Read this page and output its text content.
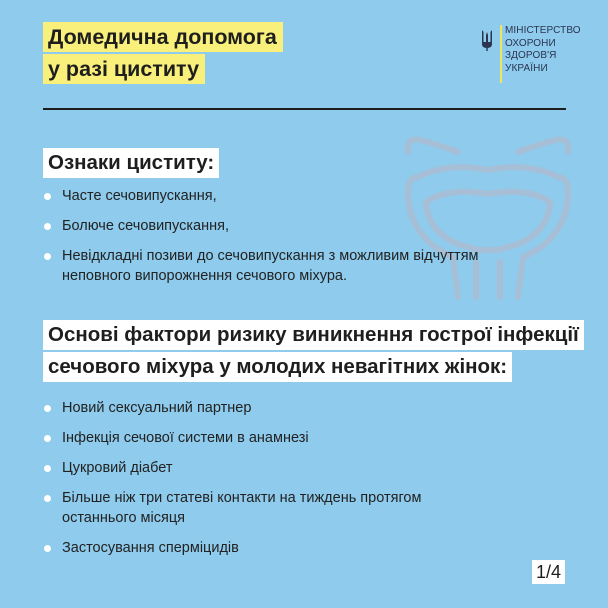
Домедична допомога
у разі циститу
МІНІСТЕРСТВО
ОХОРОНИ
ЗДОРОВ'Я
УКРАЇНИ
Ознаки циститу:
Часте сечовипускання,
Болюче сечовипускання,
Невідкладні позиви до сечовипускання з можливим відчуттям неповного випорожнення сечового міхура.
Основі фактори ризику виникнення гострої інфекції
сечового міхура у молодих невагітних жінок:
Новий сексуальний партнер
Інфекція сечової системи в анамнезі
Цукровий діабет
Більше ніж три статеві контакти на тиждень протягом останнього місяця
Застосування сперміцидів
1/4
